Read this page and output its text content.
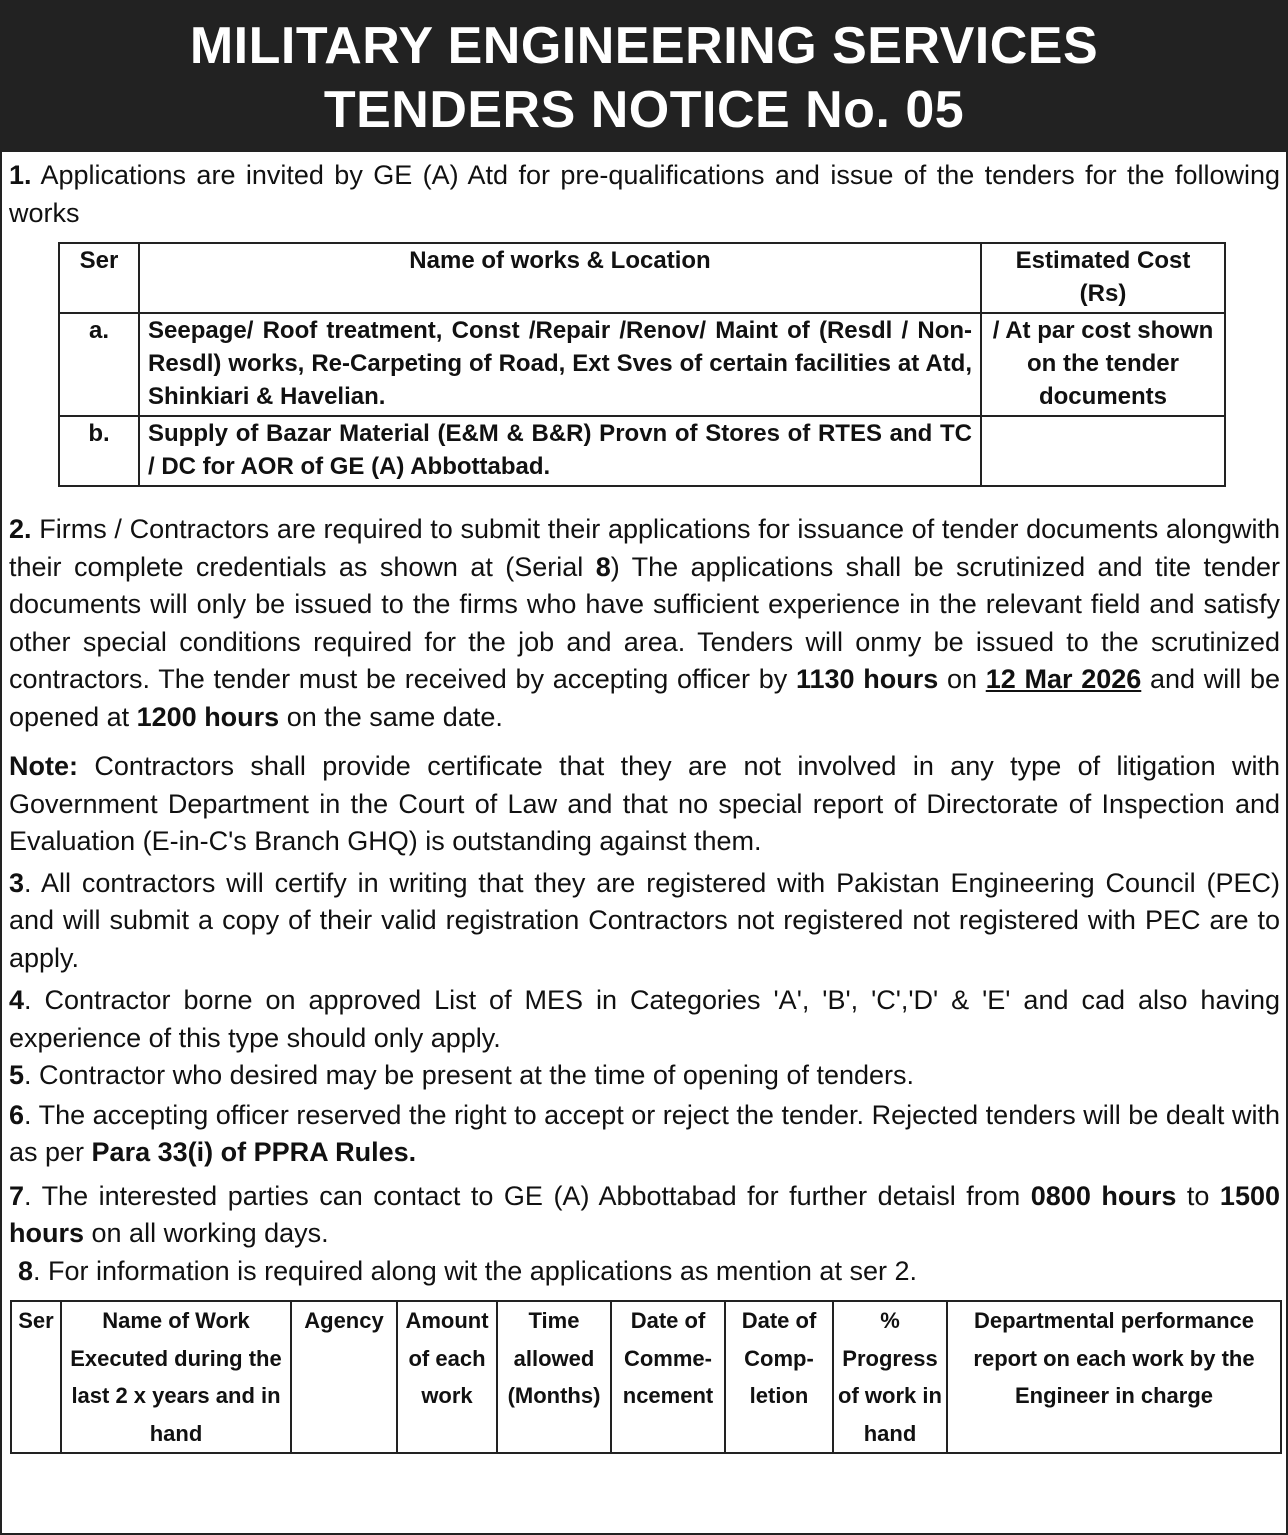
MILITARY ENGINEERING SERVICES
TENDERS NOTICE No. 05

1. Applications are invited by GE (A) Atd for pre-qualifications and issue of the tenders for the following works

Ser	Name of works & Location	Estimated Cost (Rs)
a.	Seepage/ Roof treatment, Const /Repair /Renov/ Maint of (Resdl / Non-Resdl) works, Re-Carpeting of Road, Ext Sves of certain facilities at Atd, Shinkiari & Havelian.	/ At par cost shown on the tender documents
b.	Supply of Bazar Material (E&M & B&R) Provn of Stores of RTES and TC / DC for AOR of GE (A) Abbottabad.	

2. Firms / Contractors are required to submit their applications for issuance of tender documents alongwith their complete credentials as shown at (Serial 8) The applications shall be scrutinized and tite tender documents will only be issued to the firms who have sufficient experience in the relevant field and satisfy other special conditions required for the job and area. Tenders will onmy be issued to the scrutinized contractors. The tender must be received by accepting officer by 1130 hours on 12 Mar 2026 and will be opened at 1200 hours on the same date.

Note: Contractors shall provide certificate that they are not involved in any type of litigation with Government Department in the Court of Law and that no special report of Directorate of Inspection and Evaluation (E-in-C's Branch GHQ) is outstanding against them.

3. All contractors will certify in writing that they are registered with Pakistan Engineering Council (PEC) and will submit a copy of their valid registration Contractors not registered not registered with PEC are to apply.

4. Contractor borne on approved List of MES in Categories 'A', 'B', 'C','D' & 'E' and cad also having experience of this type should only apply.

5. Contractor who desired may be present at the time of opening of tenders.

6. The accepting officer reserved the right to accept or reject the tender. Rejected tenders will be dealt with as per Para 33(i) of PPRA Rules.

7. The interested parties can contact to GE (A) Abbottabad for further detaisl from 0800 hours to 1500 hours on all working days.

8. For information is required along wit the applications as mention at ser 2.

Ser	Name of Work Executed during the last 2 x years and in hand	Agency	Amount of each work	Time allowed (Months)	Date of Comme-ncement	Date of Comp-letion	% Progress of work in hand	Departmental performance report on each work by the Engineer in charge
